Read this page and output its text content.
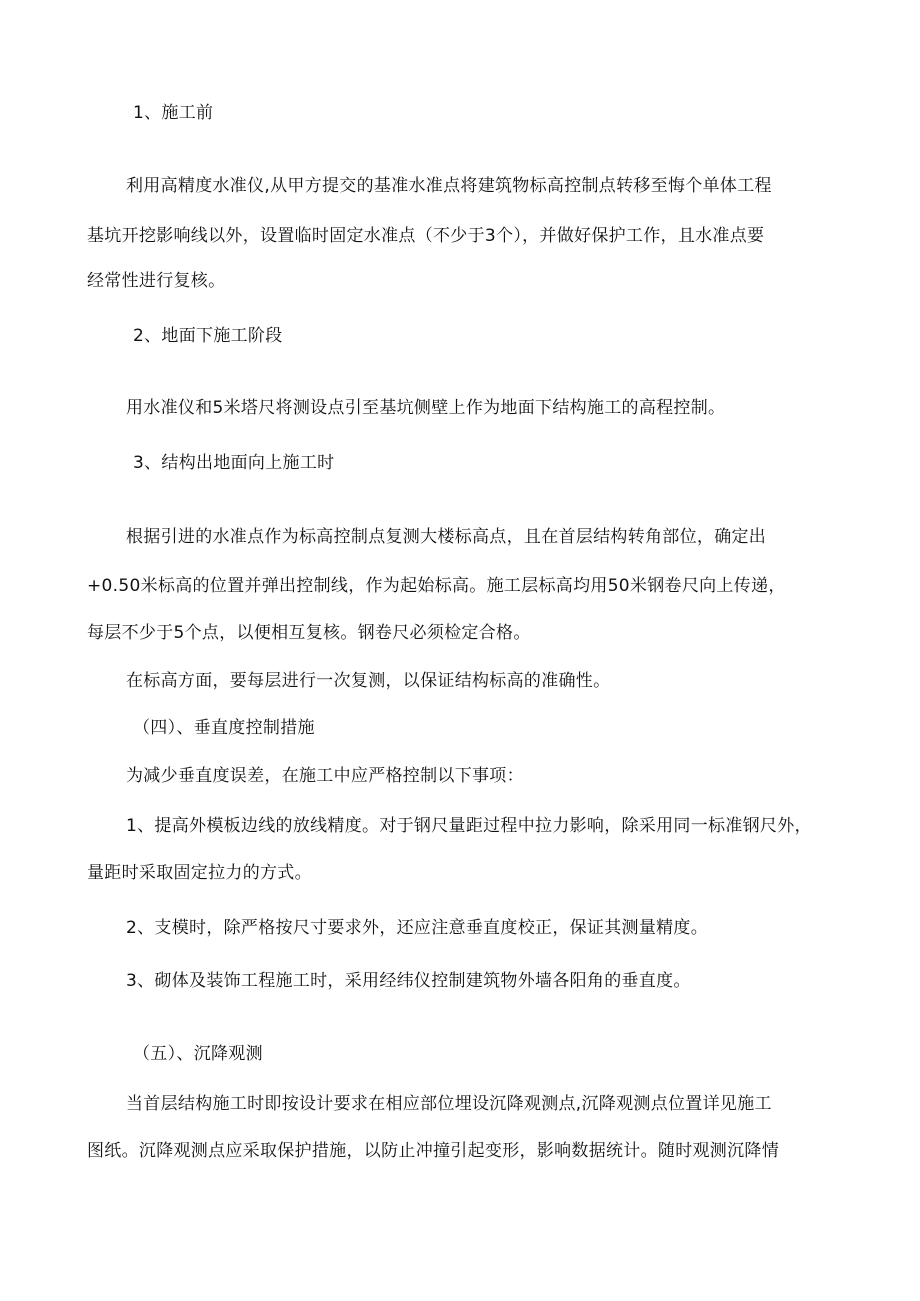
1、施工前
利用高精度水准仪,从甲方提交的基准水准点将建筑物标高控制点转移至悔个单体工程
基坑开挖影响线以外，设置临时固定水准点（不少于3个），并做好保护工作，且水准点要
经常性进行复核。
2、地面下施工阶段
用水准仪和5米塔尺将测设点引至基坑侧壁上作为地面下结构施工的高程控制。
3、结构出地面向上施工时
根据引进的水准点作为标高控制点复测大楼标高点，且在首层结构转角部位，确定出
+0.50米标高的位置并弹出控制线，作为起始标高。施工层标高均用50米钢卷尺向上传递，
每层不少于5个点，以便相互复核。钢卷尺必须检定合格。
在标高方面，要每层进行一次复测，以保证结构标高的准确性。
（四）、垂直度控制措施
为减少垂直度误差，在施工中应严格控制以下事项：
1、提高外模板边线的放线精度。对于钢尺量距过程中拉力影响，除采用同一标准钢尺外，
量距时采取固定拉力的方式。
2、支模时，除严格按尺寸要求外，还应注意垂直度校正，保证其测量精度。
3、砌体及装饰工程施工时，采用经纬仪控制建筑物外墙各阳角的垂直度。
（五）、沉降观测
当首层结构施工时即按设计要求在相应部位埋设沉降观测点,沉降观测点位置详见施工
图纸。沉降观测点应采取保护措施，以防止冲撞引起变形，影响数据统计。随时观测沉降情
